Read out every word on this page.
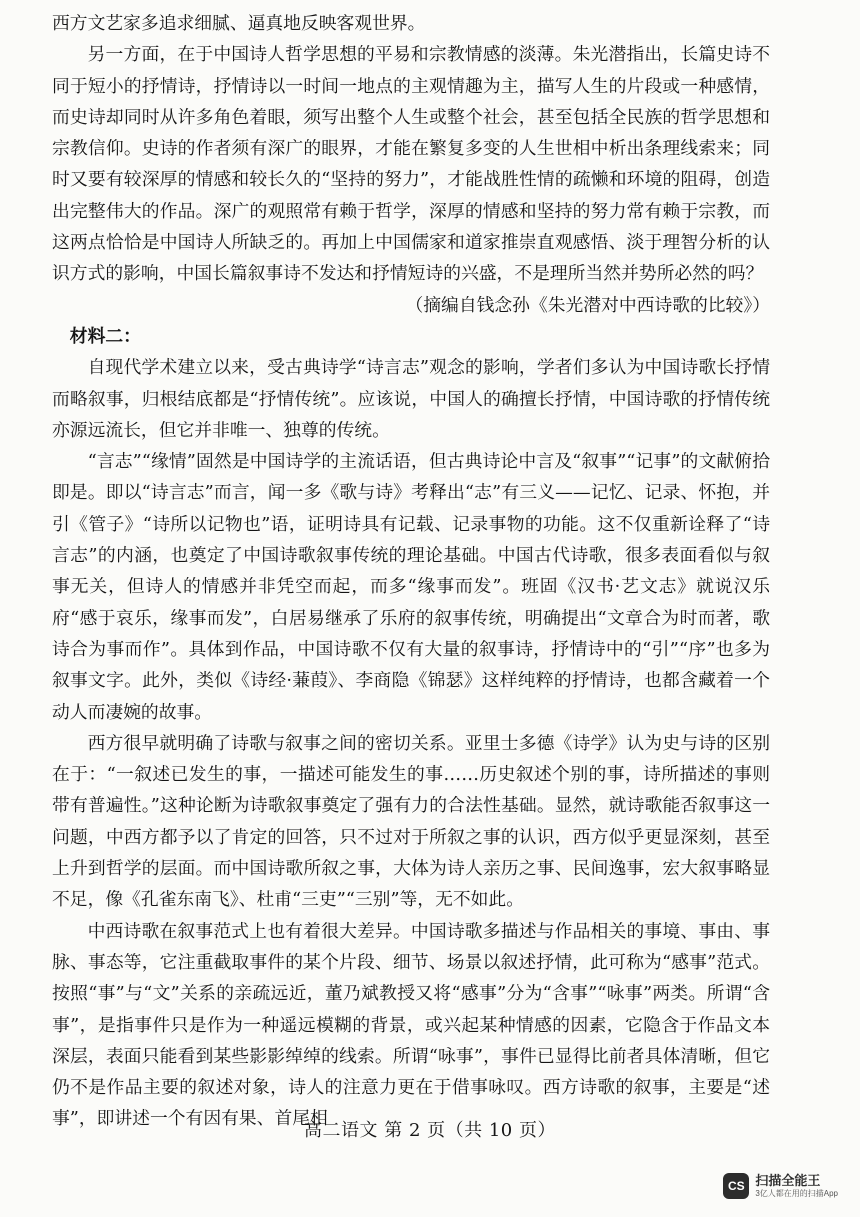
西方文艺家多追求细腻、逼真地反映客观世界。

另一方面，在于中国诗人哲学思想的平易和宗教情感的淡薄。朱光潜指出，长篇史诗不同于短小的抒情诗，抒情诗以一时间一地点的主观情趣为主，描写人生的片段或一种感情，而史诗却同时从许多角色着眼，须写出整个人生或整个社会，甚至包括全民族的哲学思想和宗教信仰。史诗的作者须有深广的眼界，才能在繁复多变的人生世相中析出条理线索来；同时又要有较深厚的情感和较长久的“坚持的努力”，才能战胜性情的疏懒和环境的阻碍，创造出完整伟大的作品。深广的观照常有赖于哲学，深厚的情感和坚持的努力常有赖于宗教，而这两点恰恰是中国诗人所缺乏的。再加上中国儒家和道家推崇直观感悟、淡于理智分析的认识方式的影响，中国长篇叙事诗不发达和抒情短诗的兴盛，不是理所当然并势所必然的吗？

（摘编自钱念孙《朱光潜对中西诗歌的比较》）

材料二：

自现代学术建立以来，受古典诗学“诗言志”观念的影响，学者们多认为中国诗歌长抒情而略叙事，归根结底都是“抒情传统”。应该说，中国人的确擅长抒情，中国诗歌的抒情传统亦源远流长，但它并非唯一、独尊的传统。

“言志”“缘情”固然是中国诗学的主流话语，但古典诗论中言及“叙事”“记事”的文献俯拾即是。即以“诗言志”而言，闻一多《歌与诗》考释出“志”有三义——记忆、记录、怀抱，并引《管子》“诗所以记物也”语，证明诗具有记载、记录事物的功能。这不仅重新诠释了“诗言志”的内涵，也奠定了中国诗歌叙事传统的理论基础。中国古代诗歌，很多表面看似与叙事无关，但诗人的情感并非凭空而起，而多“缘事而发”。班固《汉书·艺文志》就说汉乐府“感于哀乐，缘事而发”，白居易继承了乐府的叙事传统，明确提出“文章合为时而著，歌诗合为事而作”。具体到作品，中国诗歌不仅有大量的叙事诗，抒情诗中的“引”“序”也多为叙事文字。此外，类似《诗经·蒹葭》、李商隐《锦瑟》这样纯粹的抒情诗，也都含藏着一个动人而凄婉的故事。

西方很早就明确了诗歌与叙事之间的密切关系。亚里士多德《诗学》认为史与诗的区别在于：“一叙述已发生的事，一描述可能发生的事……历史叙述个别的事，诗所描述的事则带有普遍性。”这种论断为诗歌叙事奠定了强有力的合法性基础。显然，就诗歌能否叙事这一问题，中西方都予以了肯定的回答，只不过对于所叙之事的认识，西方似乎更显深刻，甚至上升到哲学的层面。而中国诗歌所叙之事，大体为诗人亲历之事、民间逸事，宏大叙事略显不足，像《孔雀东南飞》、杜甫“三吏”“三别”等，无不如此。

中西诗歌在叙事范式上也有着很大差异。中国诗歌多描述与作品相关的事境、事由、事脉、事态等，它注重截取事件的某个片段、细节、场景以叙述抒情，此可称为“感事”范式。按照“事”与“文”关系的亲疏远近，董乃斌教授又将“感事”分为“含事”“咏事”两类。所谓“含事”，是指事件只是作为一种遥远模糊的背景，或兴起某种情感的因素，它隐含于作品文本深层，表面只能看到某些影影绰绰的线索。所谓“咏事”，事件已显得比前者具体清晰，但它仍不是作品主要的叙述对象，诗人的注意力更在于借事咏叹。西方诗歌的叙事，主要是“述事”，即讲述一个有因有果、首尾相

高二语文 第 2 页（共 10 页）
CS 扫描全能王
3亿人都在用的扫描App
